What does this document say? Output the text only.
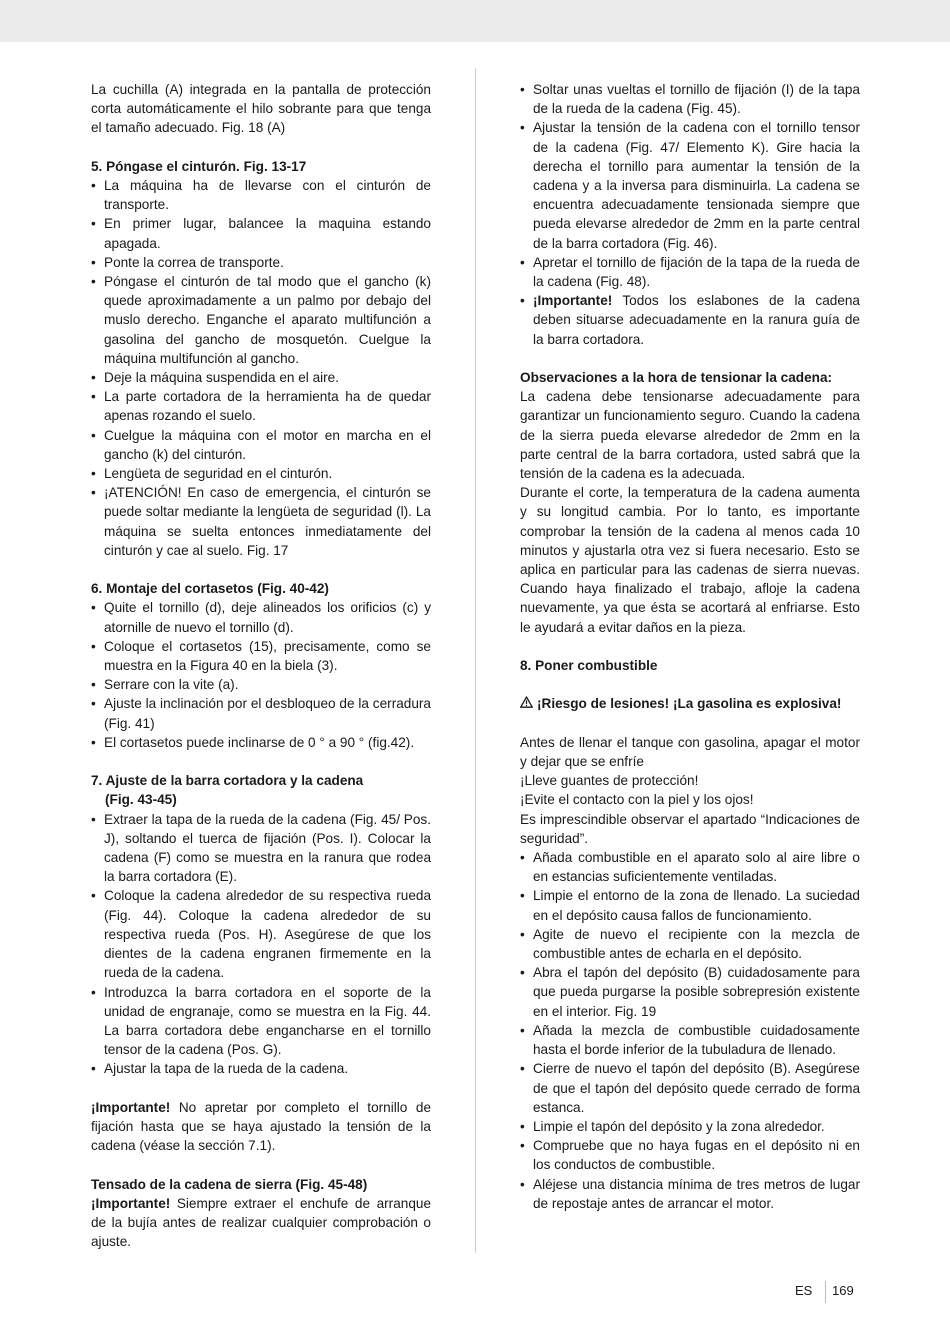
La cuchilla (A) integrada en la pantalla de protección corta automáticamente el hilo sobrante para que tenga el tamaño adecuado. Fig. 18 (A)

5. Póngase el cinturón. Fig. 13-17
• La máquina ha de llevarse con el cinturón de transporte.
• En primer lugar, balancee la maquina estando apagada.
• Ponte la correa de transporte.
• Póngase el cinturón de tal modo que el gancho (k) quede aproximadamente a un palmo por debajo del muslo derecho. Enganche el aparato multifunción a gasolina del gancho de mosquetón. Cuelgue la máquina multifunción al gancho.
• Deje la máquina suspendida en el aire.
• La parte cortadora de la herramienta ha de quedar apenas rozando el suelo.
• Cuelgue la máquina con el motor en marcha en el gancho (k) del cinturón.
• Lengüeta de seguridad en el cinturón.
• ¡ATENCIÓN! En caso de emergencia, el cinturón se puede soltar mediante la lengüeta de seguridad (l). La máquina se suelta entonces inmediatamente del cinturón y cae al suelo. Fig. 17
6. Montaje del cortasetos (Fig. 40-42)
• Quite el tornillo (d), deje alineados los orificios (c) y atornille de nuevo el tornillo (d).
• Coloque el cortasetos (15), precisamente, como se muestra en la Figura 40 en la biela (3).
• Serrare con la vite (a).
• Ajuste la inclinación por el desbloqueo de la cerradura (Fig. 41)
• El cortasetos puede inclinarse de 0 ° a 90 ° (fig.42).
7. Ajuste de la barra cortadora y la cadena
(Fig. 43-45)
• Extraer la tapa de la rueda de la cadena (Fig. 45/ Pos. J), soltando el tuerca de fijación (Pos. I). Colocar la cadena (F) como se muestra en la ranura que rodea la barra cortadora (E).
• Coloque la cadena alrededor de su respectiva rueda (Fig. 44). Coloque la cadena alrededor de su respectiva rueda (Pos. H). Asegúrese de que los dientes de la cadena engranen firmemente en la rueda de la cadena.
• Introduzca la barra cortadora en el soporte de la unidad de engranaje, como se muestra en la Fig. 44. La barra cortadora debe engancharse en el tornillo tensor de la cadena (Pos. G).
• Ajustar la tapa de la rueda de la cadena.

¡Importante! No apretar por completo el tornillo de fijación hasta que se haya ajustado la tensión de la cadena (véase la sección 7.1).

Tensado de la cadena de sierra (Fig. 45-48)

¡Importante! Siempre extraer el enchufe de arranque de la bujía antes de realizar cualquier comprobación o ajuste.

• Soltar unas vueltas el tornillo de fijación (I) de la tapa de la rueda de la cadena (Fig. 45).
• Ajustar la tensión de la cadena con el tornillo tensor de la cadena (Fig. 47/ Elemento K). Gire hacia la derecha el tornillo para aumentar la tensión de la cadena y a la inversa para disminuirla. La cadena se encuentra adecuadamente tensionada siempre que pueda elevarse alrededor de 2mm en la parte central de la barra cortadora (Fig. 46).
• Apretar el tornillo de fijación de la tapa de la rueda de la cadena (Fig. 48).
• ¡Importante! Todos los eslabones de la cadena deben situarse adecuadamente en la ranura guía de la barra cortadora.
Observaciones a la hora de tensionar la cadena:

La cadena debe tensionarse adecuadamente para garantizar un funcionamiento seguro. Cuando la cadena de la sierra pueda elevarse alrededor de 2mm en la parte central de la barra cortadora, usted sabrá que la tensión de la cadena es la adecuada.

Durante el corte, la temperatura de la cadena aumenta y su longitud cambia. Por lo tanto, es importante comprobar la tensión de la cadena al menos cada 10 minutos y ajustarla otra vez si fuera necesario. Esto se aplica en particular para las cadenas de sierra nuevas. Cuando haya finalizado el trabajo, afloje la cadena nuevamente, ya que ésta se acortará al enfriarse. Esto le ayudará a evitar daños en la pieza.

8. Poner combustible

¡Riesgo de lesiones! ¡La gasolina es explosiva!

Antes de llenar el tanque con gasolina, apagar el motor y dejar que se enfríe

¡Lleve guantes de protección!

¡Evite el contacto con la piel y los ojos!

Es imprescindible observar el apartado “Indicaciones de seguridad”.

• Añada combustible en el aparato solo al aire libre o en estancias suficientemente ventiladas.
• Limpie el entorno de la zona de llenado. La suciedad en el depósito causa fallos de funcionamiento.
• Agite de nuevo el recipiente con la mezcla de combustible antes de echarla en el depósito.
• Abra el tapón del depósito (B) cuidadosamente para que pueda purgarse la posible sobrepresión existente en el interior. Fig. 19
• Añada la mezcla de combustible cuidadosamente hasta el borde inferior de la tubuladura de llenado.
• Cierre de nuevo el tapón del depósito (B). Asegúrese de que el tapón del depósito quede cerrado de forma estanca.
• Limpie el tapón del depósito y la zona alrededor.
• Compruebe que no haya fugas en el depósito ni en los conductos de combustible.
• Aléjese una distancia mínima de tres metros de lugar de repostaje antes de arrancar el motor.
ES 169
